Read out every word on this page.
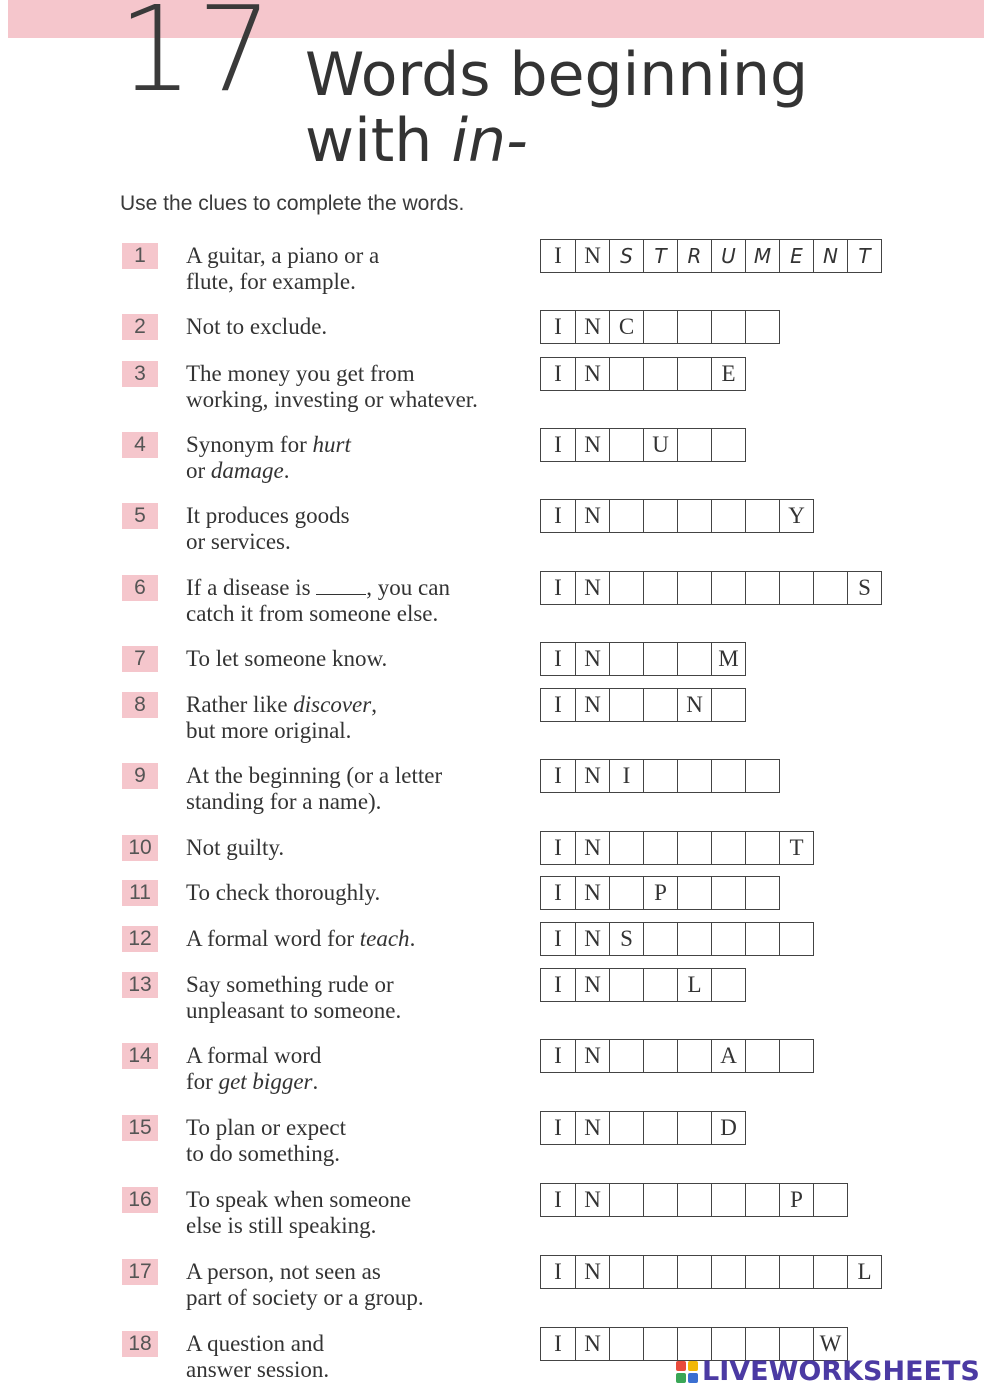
17 Words beginning
with in-
Use the clues to complete the words.
1	A guitar, a piano or a
flute, for example.
I N S	T	R U M E	N	T
2	Not to exclude.	I N C
3	The money you get from
working, investing or whatever.
I N	E
4	Synonym for hurt
or damage.
I N	U
5	It produces goods
or services.
I N	Y
6	If a disease is , you can
catch it from someone else.
I N	S
7	To let someone know.	I N	M
8	Rather like discover,
but more original.
I N	N
9	At the beginning (or a letter
standing for a name).
I N I
10 Not guilty.	I N	T
11	To check thoroughly.	I N	P
12 A formal word for teach.	I N S
13 Say something rude or
unpleasant to someone.
I N	L
14 A formal word
for get bigger.
I N	A
15 To plan or expect
to do something.
I N	D
16 To speak when someone
else is still speaking.
I N	P
17 A person, not seen as
part of society or a group.
I N	L
18 A question and
answer session.
I N	W
LIVEWORKSHEETS
